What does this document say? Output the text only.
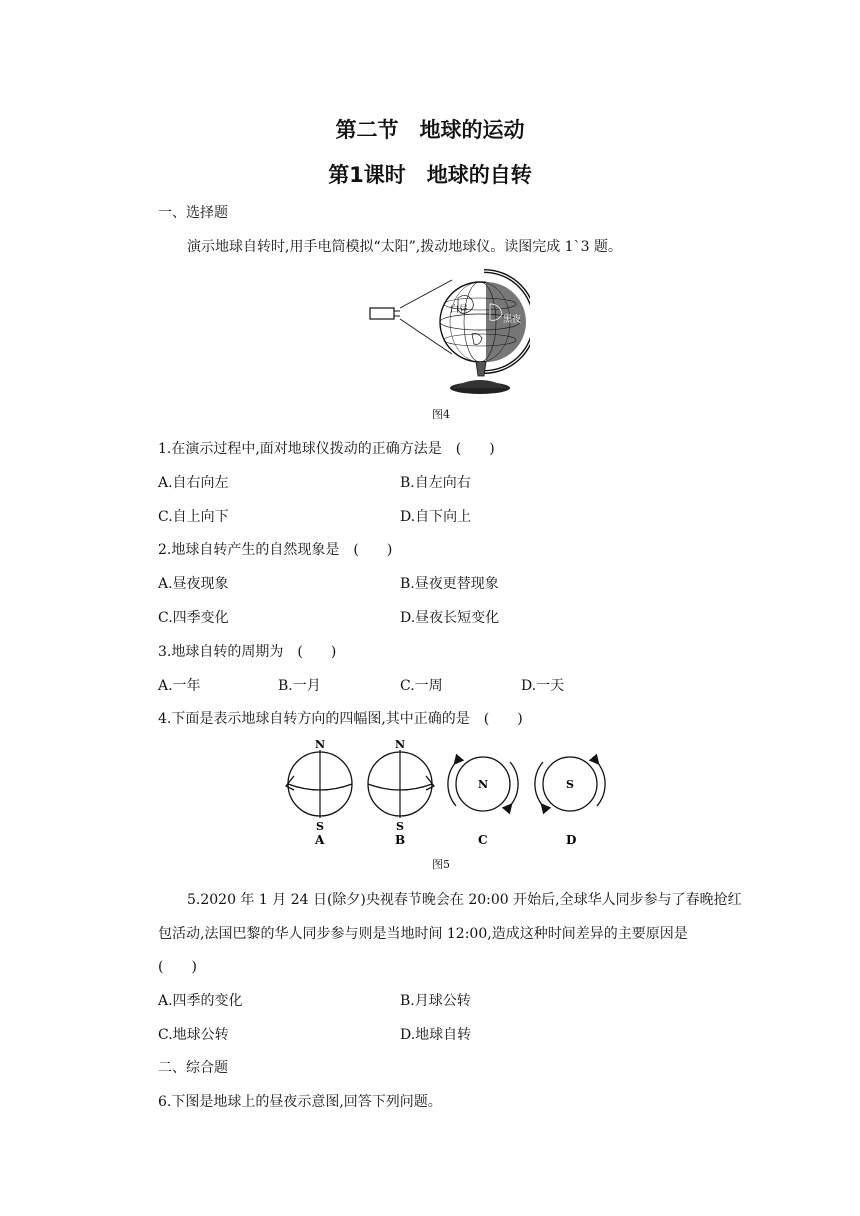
第二节　地球的运动
第1课时　地球的自转
一、选择题
演示地球自转时,用手电筒模拟“太阳”,拨动地球仪。读图完成 1`3 题。
白昼
黑夜
图4
1.在演示过程中,面对地球仪拨动的正确方法是　(　　)
A.自右向左	B.自左向右
C.自上向下	D.自下向上
2.地球自转产生的自然现象是　(　　)
A.昼夜现象	B.昼夜更替现象
C.四季变化	D.昼夜长短变化
3.地球自转的周期为　(　　)
A.一年	B.一月	C.一周	D.一天
4.下面是表示地球自转方向的四幅图,其中正确的是　(　　)
N
S
A
N
S
B
N
C
S
D
图5
5.2020 年 1 月 24 日(除夕)央视春节晚会在 20:00 开始后,全球华人同步参与了春晚抢红
包活动,法国巴黎的华人同步参与则是当地时间 12:00,造成这种时间差异的主要原因是
(　　)
A.四季的变化	B.月球公转
C.地球公转	D.地球自转
二、综合题
6.下图是地球上的昼夜示意图,回答下列问题。
